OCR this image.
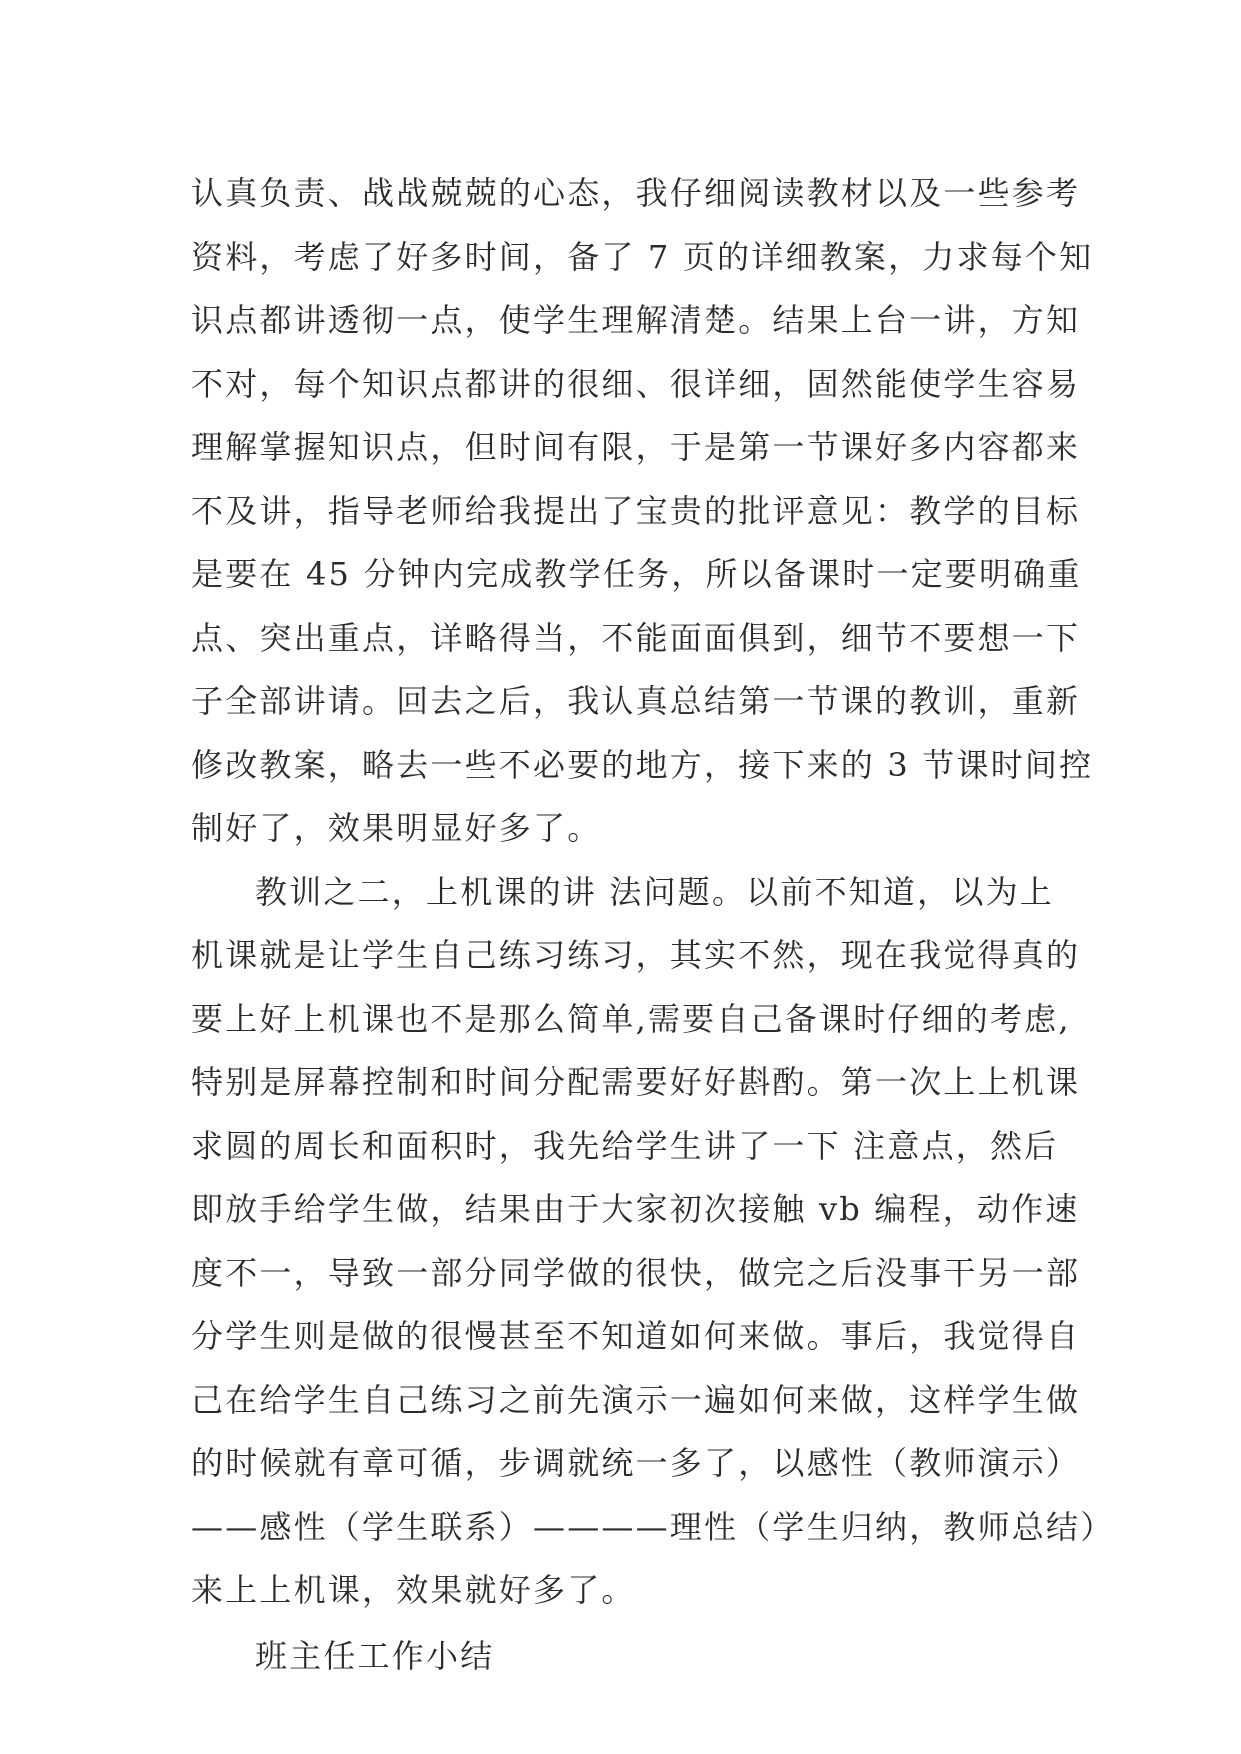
认真负责、战战兢兢的心态，我仔细阅读教材以及一些参考
资料，考虑了好多时间，备了 7 页的详细教案，力求每个知
识点都讲透彻一点，使学生理解清楚。结果上台一讲，方知
不对，每个知识点都讲的很细、很详细，固然能使学生容易
理解掌握知识点，但时间有限，于是第一节课好多内容都来
不及讲，指导老师给我提出了宝贵的批评意见：教学的目标
是要在 45 分钟内完成教学任务，所以备课时一定要明确重
点、突出重点，详略得当，不能面面俱到，细节不要想一下
子全部讲请。回去之后，我认真总结第一节课的教训，重新
修改教案，略去一些不必要的地方，接下来的 3 节课时间控
制好了，效果明显好多了。
教训之二，上机课的讲 法问题。以前不知道，以为上
机课就是让学生自己练习练习，其实不然，现在我觉得真的
要上好上机课也不是那么简单,需要自己备课时仔细的考虑,
特别是屏幕控制和时间分配需要好好斟酌。第一次上上机课
求圆的周长和面积时，我先给学生讲了一下 注意点，然后
即放手给学生做，结果由于大家初次接触 vb 编程，动作速
度不一，导致一部分同学做的很快，做完之后没事干另一部
分学生则是做的很慢甚至不知道如何来做。事后，我觉得自
己在给学生自己练习之前先演示一遍如何来做，这样学生做
的时候就有章可循，步调就统一多了，以感性（教师演示）
——感性（学生联系）————理性（学生归纳，教师总结）
来上上机课，效果就好多了。
班主任工作小结
